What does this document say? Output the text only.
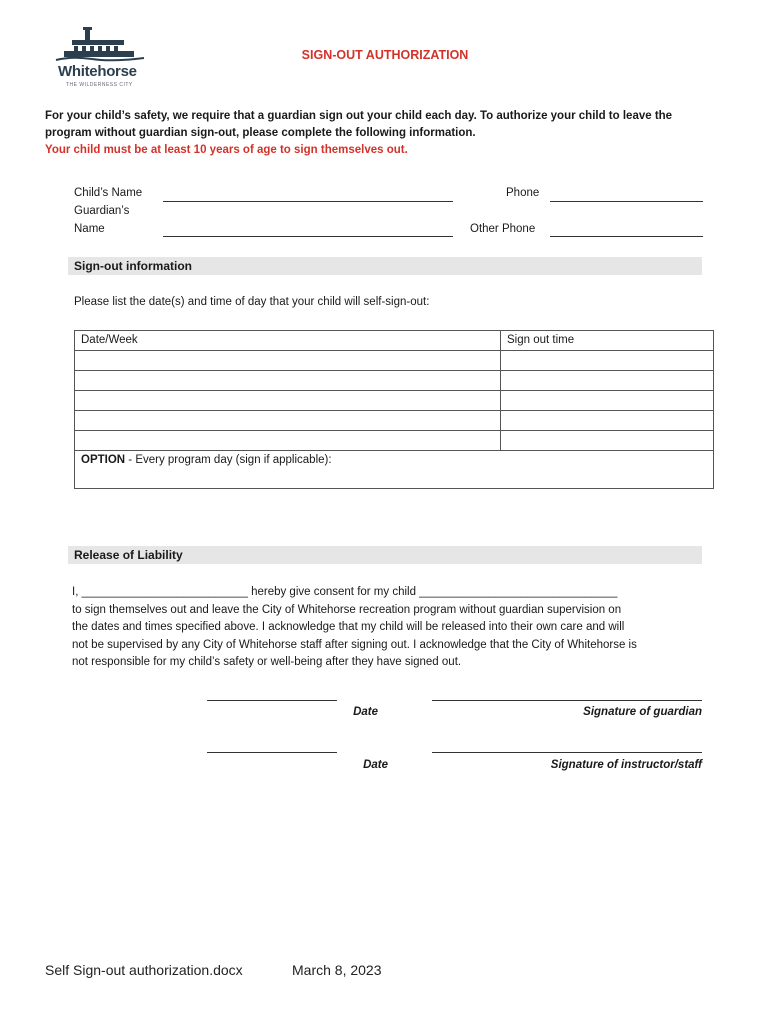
Whitehorse
THE WILDERNESS CITY
SIGN-OUT AUTHORIZATION
For your child’s safety, we require that a guardian sign out your child each day. To authorize your child to leave the
program without guardian sign-out, please complete the following information.
Your child must be at least 10 years of age to sign themselves out.
Child’s Name
Guardian’s
Name
Phone
Other Phone
Sign-out information
Please list the date(s) and time of day that your child will self-sign-out:
Date/Week	Sign out time

OPTION - Every program day (sign if applicable):	
Release of Liability
I, __________________________ hereby give consent for my child _______________________________
to sign themselves out and leave the City of Whitehorse recreation program without guardian supervision on
the dates and times specified above. I acknowledge that my child will be released into their own care and will
not be supervised by any City of Whitehorse staff after signing out. I acknowledge that the City of Whitehorse is
not responsible for my child’s safety or well-being after they have signed out.
Date	Signature of guardian
Date	Signature of instructor/staff
Self Sign-out authorization.docx	March 8, 2023
